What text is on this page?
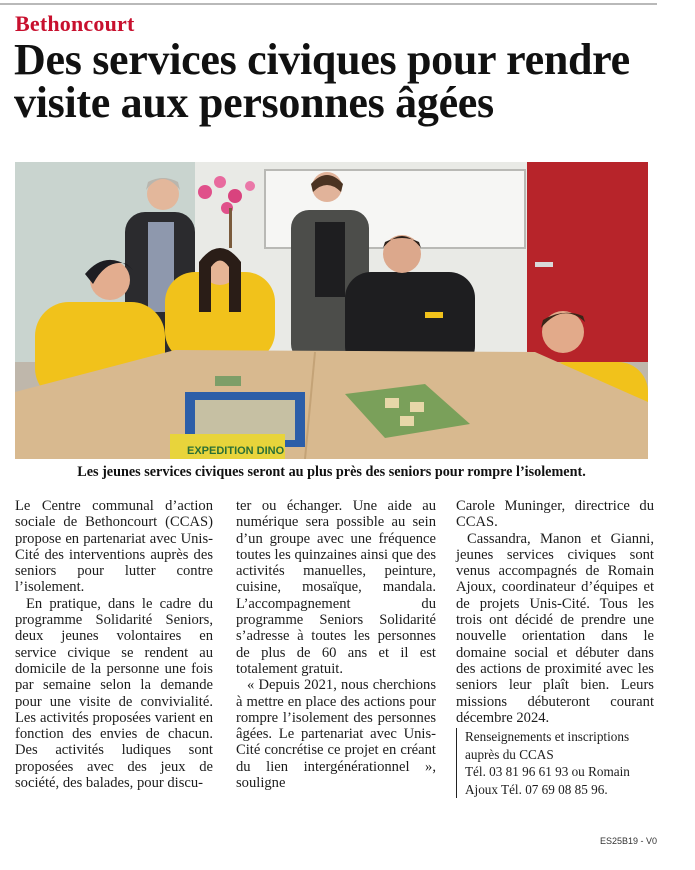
Bethoncourt
Des services civiques pour rendre visite aux personnes âgées
EXPEDITION DINO

Les jeunes services civiques seront au plus près des seniors pour rompre l’isolement.

Le Centre communal d’action sociale de Bethoncourt (CCAS) propose en partenariat avec Unis-Cité des interventions auprès des seniors pour lutter contre l’isolement.

En pratique, dans le cadre du programme Solidarité Seniors, deux jeunes volontaires en service civique se rendent au domicile de la personne une fois par semaine selon la demande pour une visite de convivialité. Les activités proposées varient en fonction des envies de chacun. Des activités ludiques sont proposées avec des jeux de société, des balades, pour discu-

ter ou échanger. Une aide au numérique sera possible au sein d’un groupe avec une fréquence toutes les quinzaines ainsi que des activités manuelles, peinture, cuisine, mosaïque, mandala. L’accompagnement du programme Seniors Solidarité s’adresse à toutes les personnes de plus de 60 ans et il est totalement gratuit.

« Depuis 2021, nous cherchions à mettre en place des actions pour rompre l’isolement des personnes âgées. Le partenariat avec Unis-Cité concrétise ce projet en créant du lien intergénérationnel », souligne

Carole Muninger, directrice du CCAS.

Cassandra, Manon et Gianni, jeunes services civiques sont venus accompagnés de Romain Ajoux, coordinateur d’équipes et de projets Unis-Cité. Tous les trois ont décidé de prendre une nouvelle orientation dans le domaine social et débuter dans des actions de proximité avec les seniors leur plaît bien. Leurs missions débuteront courant décembre 2024.

Renseignements et inscriptions
auprès du CCAS
Tél. 03 81 96 61 93 ou Romain
Ajoux Tél. 07 69 08 85 96.
ES25B19 - V0
